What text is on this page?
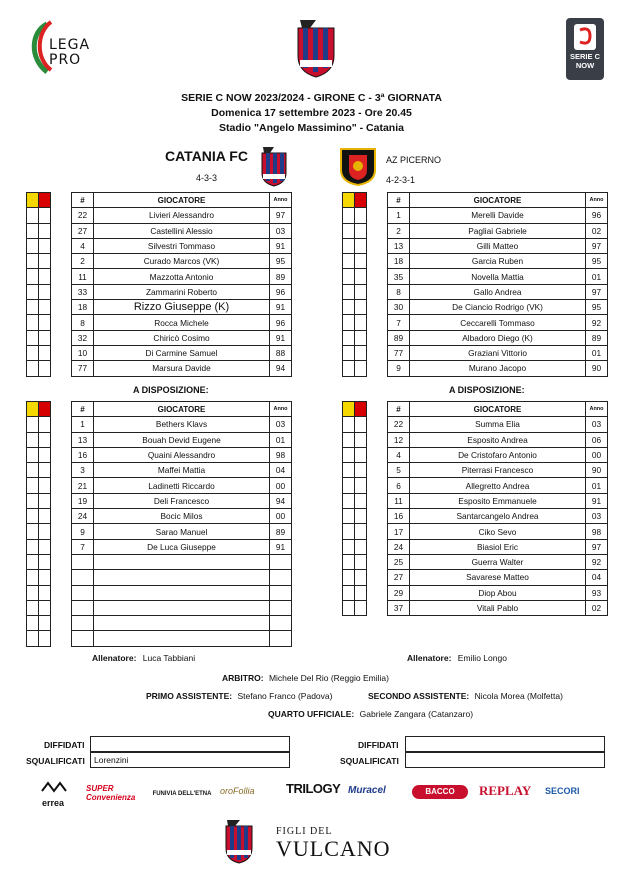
LEGA PRO	SERIE C NOW
SERIE C NOW 2023/2024 - GIRONE C - 3ª GIORNATA
Domenica 17 settembre 2023 - Ore 20.45
Stadio "Angelo Massimino" - Catania
CATANIA FC
4-3-3
AZ PICERNO
4-2-3-1

#	GIOCATORE	Anno
22	Livieri Alessandro	97
27	Castellini Alessio	03
4	Silvestri Tommaso	91
2	Curado Marcos (VK)	95
11	Mazzotta Antonio	89
33	Zammarini Roberto	96
18	Rizzo Giuseppe (K)	91
8	Rocca Michele	96
32	Chiricò Cosimo	91
10	Di Carmine Samuel	88
77	Marsura Davide	94

#	GIOCATORE	Anno
1	Merelli Davide	96
2	Pagliai Gabriele	02
13	Gilli Matteo	97
18	Garcia Ruben	95
35	Novella Mattia	01
8	Gallo Andrea	97
30	De Ciancio Rodrigo (VK)	95
7	Ceccarelli Tommaso	92
89	Albadoro Diego (K)	89
77	Graziani Vittorio	01
9	Murano Jacopo	90
A DISPOSIZIONE:	A DISPOSIZIONE:

#	GIOCATORE	Anno
1	Bethers Klavs	03
13	Bouah Devid Eugene	01
16	Quaini Alessandro	98
3	Maffei Mattia	04
21	Ladinetti Riccardo	00
19	Deli Francesco	94
24	Bocic Milos	00
9	Sarao Manuel	89
7	De Luca Giuseppe	91

#	GIOCATORE	Anno
22	Summa Elia	03
12	Esposito Andrea	06
4	De Cristofaro Antonio	00
5	Piterrasi Francesco	90
6	Allegretto Andrea	01
11	Esposito Emmanuele	91
16	Santarcangelo Andrea	03
17	Ciko Sevo	98
24	Biasiol Eric	97
25	Guerra Walter	92
27	Savarese Matteo	04
29	Diop Abou	93
37	Vitali Pablo	02
Allenatore: Luca Tabbiani	Allenatore: Emilio Longo
ARBITRO: Michele Del Rio (Reggio Emilia)
PRIMO ASSISTENTE: Stefano Franco (Padova)	SECONDO ASSISTENTE: Nicola Morea (Molfetta)
QUARTO UFFICIALE: Gabriele Zangara (Catanzaro)
DIFFIDATI
SQUALIFICATI	Lorenzini
DIFFIDATI
SQUALIFICATI
errea
SUPER Convenienza	FUNIVIA DELL'ETNA oroFollia	TRILOGY Muracel	BACCO	REPLAY SECORI
FIGLI DEL
VULCANO
